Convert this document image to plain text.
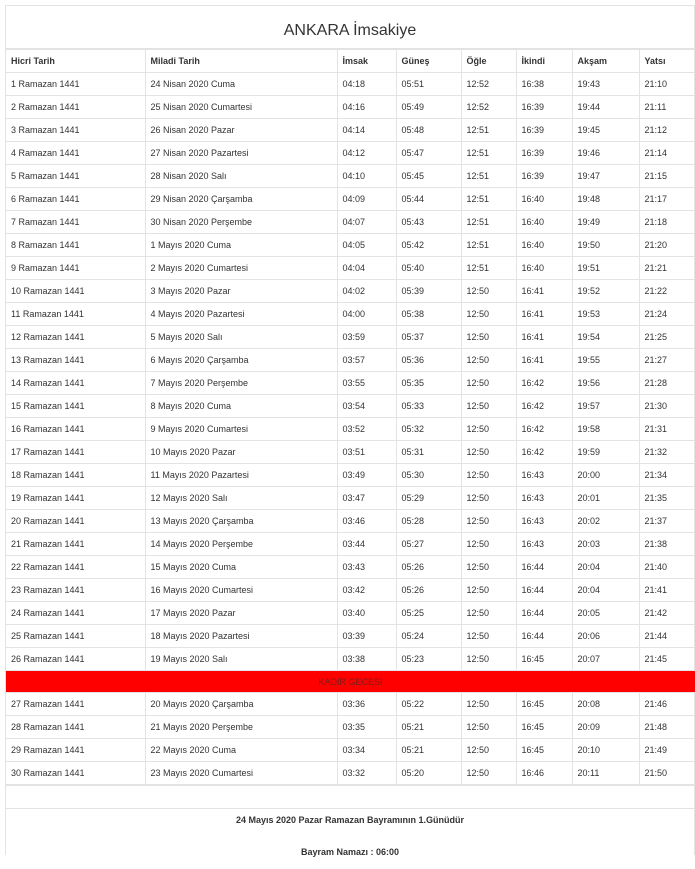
ANKARA İmsakiye
Hicri Tarih	Miladi Tarih	İmsak	Güneş	Öğle	İkindi	Akşam	Yatsı
1 Ramazan 1441	24 Nisan 2020 Cuma	04:18	05:51	12:52	16:38	19:43	21:10
2 Ramazan 1441	25 Nisan 2020 Cumartesi	04:16	05:49	12:52	16:39	19:44	21:11
3 Ramazan 1441	26 Nisan 2020 Pazar	04:14	05:48	12:51	16:39	19:45	21:12
4 Ramazan 1441	27 Nisan 2020 Pazartesi	04:12	05:47	12:51	16:39	19:46	21:14
5 Ramazan 1441	28 Nisan 2020 Salı	04:10	05:45	12:51	16:39	19:47	21:15
6 Ramazan 1441	29 Nisan 2020 Çarşamba	04:09	05:44	12:51	16:40	19:48	21:17
7 Ramazan 1441	30 Nisan 2020 Perşembe	04:07	05:43	12:51	16:40	19:49	21:18
8 Ramazan 1441	1 Mayıs 2020 Cuma	04:05	05:42	12:51	16:40	19:50	21:20
9 Ramazan 1441	2 Mayıs 2020 Cumartesi	04:04	05:40	12:51	16:40	19:51	21:21
10 Ramazan 1441	3 Mayıs 2020 Pazar	04:02	05:39	12:50	16:41	19:52	21:22
11 Ramazan 1441	4 Mayıs 2020 Pazartesi	04:00	05:38	12:50	16:41	19:53	21:24
12 Ramazan 1441	5 Mayıs 2020 Salı	03:59	05:37	12:50	16:41	19:54	21:25
13 Ramazan 1441	6 Mayıs 2020 Çarşamba	03:57	05:36	12:50	16:41	19:55	21:27
14 Ramazan 1441	7 Mayıs 2020 Perşembe	03:55	05:35	12:50	16:42	19:56	21:28
15 Ramazan 1441	8 Mayıs 2020 Cuma	03:54	05:33	12:50	16:42	19:57	21:30
16 Ramazan 1441	9 Mayıs 2020 Cumartesi	03:52	05:32	12:50	16:42	19:58	21:31
17 Ramazan 1441	10 Mayıs 2020 Pazar	03:51	05:31	12:50	16:42	19:59	21:32
18 Ramazan 1441	11 Mayıs 2020 Pazartesi	03:49	05:30	12:50	16:43	20:00	21:34
19 Ramazan 1441	12 Mayıs 2020 Salı	03:47	05:29	12:50	16:43	20:01	21:35
20 Ramazan 1441	13 Mayıs 2020 Çarşamba	03:46	05:28	12:50	16:43	20:02	21:37
21 Ramazan 1441	14 Mayıs 2020 Perşembe	03:44	05:27	12:50	16:43	20:03	21:38
22 Ramazan 1441	15 Mayıs 2020 Cuma	03:43	05:26	12:50	16:44	20:04	21:40
23 Ramazan 1441	16 Mayıs 2020 Cumartesi	03:42	05:26	12:50	16:44	20:04	21:41
24 Ramazan 1441	17 Mayıs 2020 Pazar	03:40	05:25	12:50	16:44	20:05	21:42
25 Ramazan 1441	18 Mayıs 2020 Pazartesi	03:39	05:24	12:50	16:44	20:06	21:44
26 Ramazan 1441	19 Mayıs 2020 Salı	03:38	05:23	12:50	16:45	20:07	21:45
KADİR GECESİ							
27 Ramazan 1441	20 Mayıs 2020 Çarşamba	03:36	05:22	12:50	16:45	20:08	21:46
28 Ramazan 1441	21 Mayıs 2020 Perşembe	03:35	05:21	12:50	16:45	20:09	21:48
29 Ramazan 1441	22 Mayıs 2020 Cuma	03:34	05:21	12:50	16:45	20:10	21:49
30 Ramazan 1441	23 Mayıs 2020 Cumartesi	03:32	05:20	12:50	16:46	20:11	21:50
24 Mayıs 2020 Pazar Ramazan Bayramının 1.Günüdür
Bayram Namazı : 06:00
